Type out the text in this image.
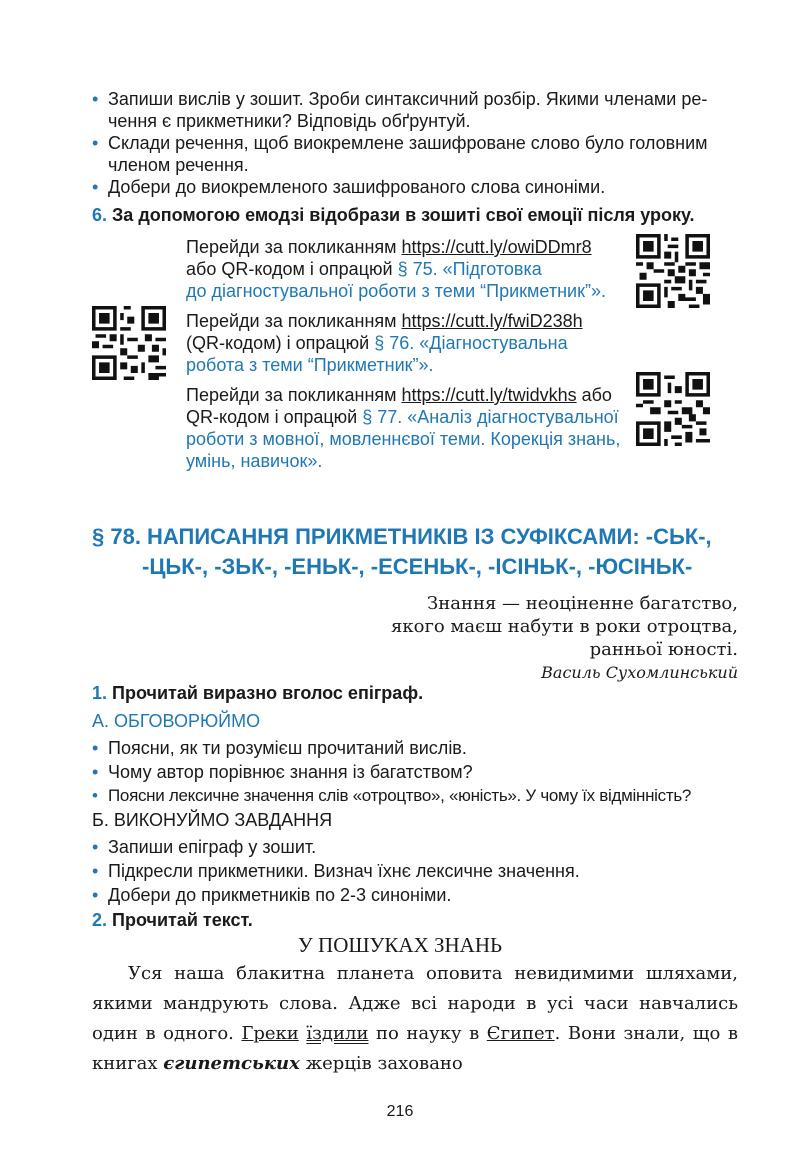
• Запиши вислів у зошит. Зроби синтаксичний розбір. Якими членами ре-
чення є прикметники? Відповідь обґрунтуй.
• Склади речення, щоб виокремлене зашифроване слово було головним
членом речення.
• Добери до виокремленого зашифрованого слова синоніми.
6. За допомогою емодзі відобрази в зошиті свої емоції після уроку.
Перейди за покликанням https://cutt.ly/owiDDmr8
або QR-кодом і опрацюй § 75. «Підготовка
до діагностувальної роботи з теми “Прикметник”».
Перейди за покликанням https://cutt.ly/fwiD238h
(QR-кодом) і опрацюй § 76. «Діагностувальна
робота з теми “Прикметник”».
Перейди за покликанням https://cutt.ly/twidvkhs або
QR-кодом і опрацюй § 77. «Аналіз діагностувальної
роботи з мовної, мовленнєвої теми. Корекція знань,
умінь, навичок».
§ 78. НАПИСАННЯ ПРИКМЕТНИКІВ ІЗ СУФІКСАМИ: -СЬК-,
-ЦЬК-, -ЗЬК-, -ЕНЬК-, -ЕСЕНЬК-, -ІСІНЬК-, -ЮСІНЬК-
Знання — неоціненне багатство,
якого маєш набути в роки отроцтва,
ранньої юності.
Василь Сухомлинський
1. Прочитай виразно вголос епіграф.
А. ОБГОВОРЮЙМО
• Поясни, як ти розумієш прочитаний вислів.
• Чому автор порівнює знання із багатством?
• Поясни лексичне значення слів «отроцтво», «юність». У чому їх відмінність?
Б. ВИКОНУЙМО ЗАВДАННЯ
• Запиши епіграф у зошит.
• Підкресли прикметники. Визнач їхнє лексичне значення.
• Добери до прикметників по 2-3 синоніми.
2. Прочитай текст.
У ПОШУКАХ ЗНАНЬ
Уся наша блакитна планета оповита невидимими шляхами, якими мандрують слова. Адже всі народи в усі часи навчались один в одного. Греки їздили по науку в Єгипет. Вони знали, що в книгах єгипетських жерців заховано
216
